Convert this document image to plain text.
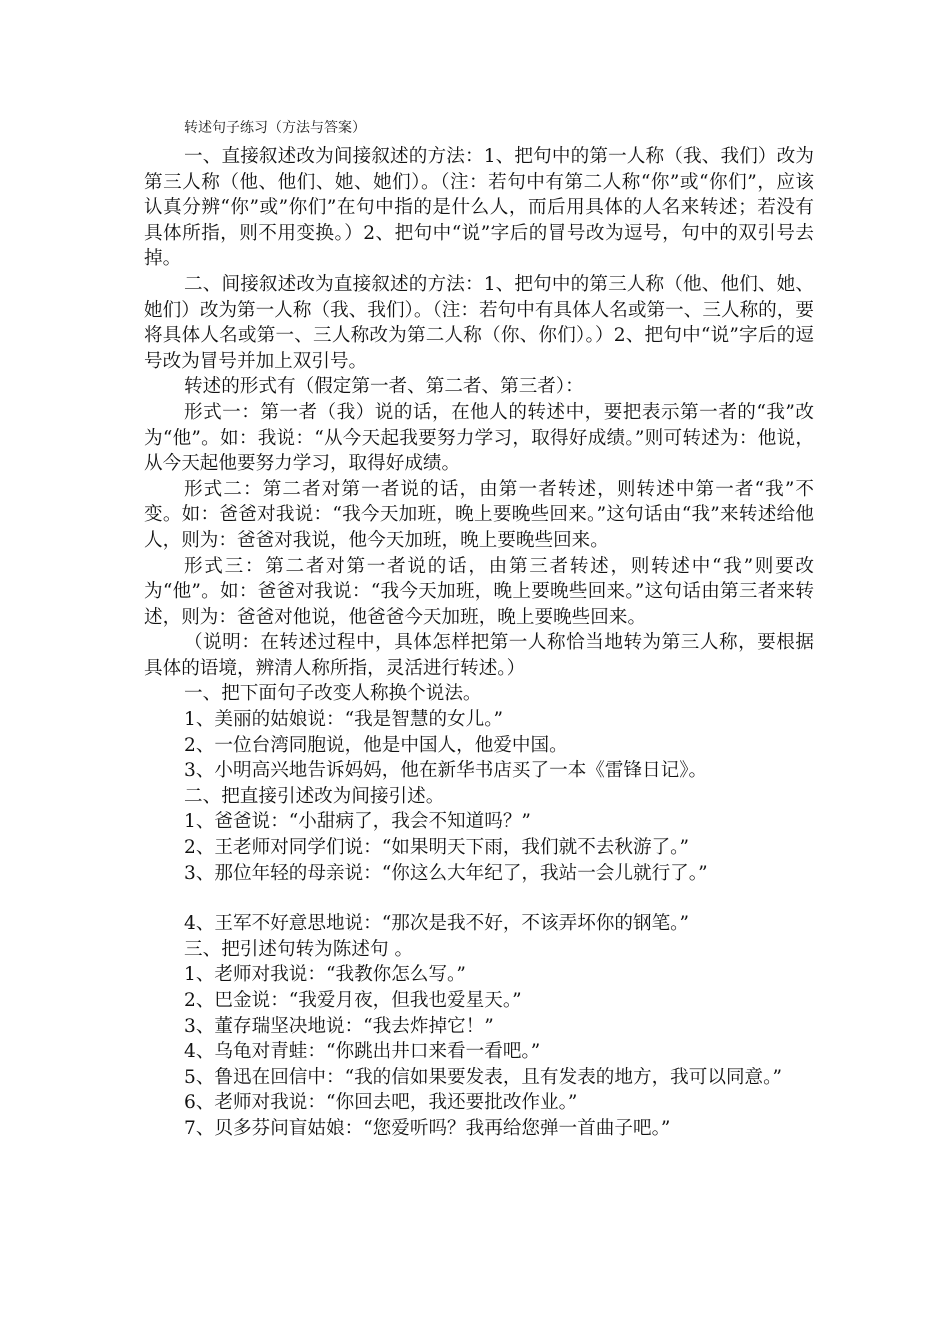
转述句子练习（方法与答案）

一、直接叙述改为间接叙述的方法：1、把句中的第一人称（我、我们）改为第三人称（他、他们、她、她们）。（注：若句中有第二人称“你”或“你们”，应该认真分辨“你”或”你们”在句中指的是什么人，而后用具体的人名来转述；若没有具体所指，则不用变换。）2、把句中“说”字后的冒号改为逗号，句中的双引号去掉。

二、间接叙述改为直接叙述的方法：1、把句中的第三人称（他、他们、她、她们）改为第一人称（我、我们）。（注：若句中有具体人名或第一、三人称的，要将具体人名或第一、三人称改为第二人称（你、你们）。）2、把句中“说”字后的逗号改为冒号并加上双引号。

转述的形式有（假定第一者、第二者、第三者）：

形式一：第一者（我）说的话，在他人的转述中，要把表示第一者的“我”改为“他”。如：我说：“从今天起我要努力学习，取得好成绩。”则可转述为：他说，从今天起他要努力学习，取得好成绩。

形式二：第二者对第一者说的话，由第一者转述，则转述中第一者“我”不变。如：爸爸对我说：“我今天加班，晚上要晚些回来。”这句话由“我”来转述给他人，则为：爸爸对我说，他今天加班，晚上要晚些回来。

形式三：第二者对第一者说的话，由第三者转述，则转述中“我”则要改为“他”。如：爸爸对我说：“我今天加班，晚上要晚些回来。”这句话由第三者来转述，则为：爸爸对他说，他爸爸今天加班，晚上要晚些回来。

（说明：在转述过程中，具体怎样把第一人称恰当地转为第三人称，要根据具体的语境，辨清人称所指，灵活进行转述。）

一、把下面句子改变人称换个说法。

1、美丽的姑娘说：“我是智慧的女儿。”

2、一位台湾同胞说，他是中国人，他爱中国。

3、小明高兴地告诉妈妈，他在新华书店买了一本《雷锋日记》。

二、把直接引述改为间接引述。

1、爸爸说：“小甜病了，我会不知道吗？”

2、王老师对同学们说：“如果明天下雨，我们就不去秋游了。”

3、那位年轻的母亲说：“你这么大年纪了，我站一会儿就行了。”

4、王军不好意思地说：“那次是我不好，不该弄坏你的钢笔。”

三、把引述句转为陈述句 。

1、老师对我说：“我教你怎么写。”

2、巴金说：“我爱月夜，但我也爱星天。”

3、董存瑞坚决地说：“我去炸掉它！”

4、乌龟对青蛙：“你跳出井口来看一看吧。”

5、鲁迅在回信中：“我的信如果要发表，且有发表的地方，我可以同意。”

6、老师对我说：“你回去吧，我还要批改作业。”

7、贝多芬问盲姑娘：“您爱听吗？我再给您弹一首曲子吧。”
